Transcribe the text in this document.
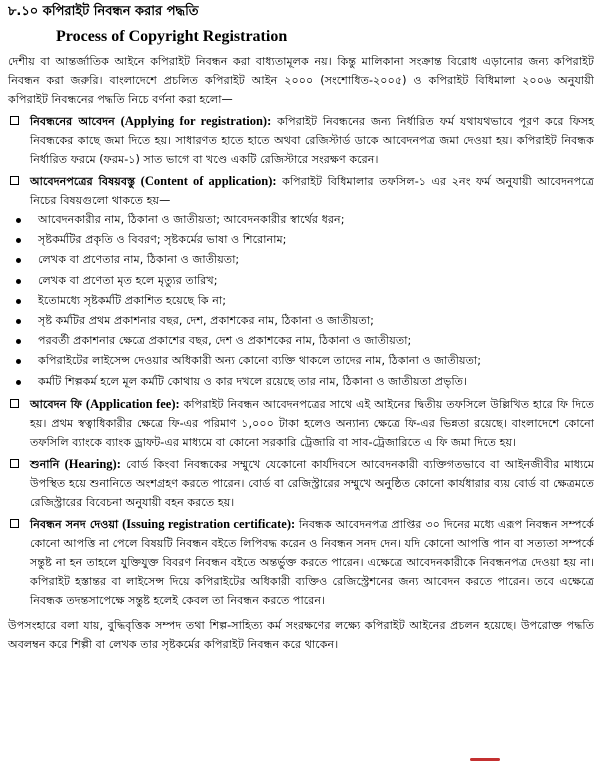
৮.১০ কপিরাইট নিবন্ধন করার পদ্ধতি
Process of Copyright Registration

দেশীয় বা আন্তর্জাতিক আইনে কপিরাইট নিবন্ধন করা বাধ্যতামূলক নয়। কিন্তু মালিকানা সংক্রান্ত বিরোধ এড়ানোর জন্য কপিরাইট নিবন্ধন করা জরুরি। বাংলাদেশে প্রচলিত কপিরাইট আইন ২০০০ (সংশোধিত-২০০৫) ও কপিরাইট বিধিমালা ২০০৬ অনুযায়ী কপিরাইট নিবন্ধনের পদ্ধতি নিচে বর্ণনা করা হলো—

নিবন্ধনের আবেদন (Applying for registration): কপিরাইট নিবন্ধনের জন্য নির্ধারিত ফর্ম যথাযথভাবে পূরণ করে ফিসহ নিবন্ধকের কাছে জমা দিতে হয়। সাধারণত হাতে হাতে অথবা রেজিস্টার্ড ডাকে আবেদনপত্র জমা দেওয়া হয়। কপিরাইট নিবন্ধক নির্ধারিত ফরমে (ফরম-১) সাত ভাগে বা খণ্ডে একটি রেজিস্টারে সংরক্ষণ করেন।
আবেদনপত্রের বিষয়বস্তু (Content of application): কপিরাইট বিধিমালার তফসিল-১ এর ২নং ফর্ম অনুযায়ী আবেদনপত্রে নিচের বিষয়গুলো থাকতে হয়—
আবেদনকারীর নাম, ঠিকানা ও জাতীয়তা; আবেদনকারীর স্বার্থের ধরন;
সৃষ্টকর্মটির প্রকৃতি ও বিবরণ; সৃষ্টকর্মের ভাষা ও শিরোনাম;
লেখক বা প্রণেতার নাম, ঠিকানা ও জাতীয়তা;
লেখক বা প্রণেতা মৃত হলে মৃত্যুর তারিখ;
ইতোমধ্যে সৃষ্টকর্মটি প্রকাশিত হয়েছে কি না;
সৃষ্ট কর্মটির প্রথম প্রকাশনার বছর, দেশ, প্রকাশকের নাম, ঠিকানা ও জাতীয়তা;
পরবর্তী প্রকাশনার ক্ষেত্রে প্রকাশের বছর, দেশ ও প্রকাশকের নাম, ঠিকানা ও জাতীয়তা;
কপিরাইটের লাইসেন্স দেওয়ার অধিকারী অন্য কোনো ব্যক্তি থাকলে তাদের নাম, ঠিকানা ও জাতীয়তা;
কর্মটি শিল্পকর্ম হলে মূল কর্মটি কোথায় ও কার দখলে রয়েছে তার নাম, ঠিকানা ও জাতীয়তা প্রভৃতি।
আবেদন ফি (Application fee): কপিরাইট নিবন্ধন আবেদনপত্রের সাথে এই আইনের দ্বিতীয় তফসিলে উল্লিখিত হারে ফি দিতে হয়। প্রথম স্বত্বাধিকারীর ক্ষেত্রে ফি-এর পরিমাণ ১,০০০ টাকা হলেও অন্যান্য ক্ষেত্রে ফি-এর ভিন্নতা রয়েছে। বাংলাদেশে কোনো তফসিলি ব্যাংকে ব্যাংক ড্রাফট-এর মাধ্যমে বা কোনো সরকারি ট্রেজারি বা সাব-ট্রেজারিতে এ ফি জমা দিতে হয়।
শুনানি (Hearing): বোর্ড কিংবা নিবন্ধকের সম্মুখে যেকোনো কার্যদিবসে আবেদনকারী ব্যক্তিগতভাবে বা আইনজীবীর মাধ্যমে উপস্থিত হয়ে শুনানিতে অংশগ্রহণ করতে পারেন। বোর্ড বা রেজিস্ট্রারের সম্মুখে অনুষ্ঠিত কোনো কার্যধারার ব্যয় বোর্ড বা ক্ষেত্রমতে রেজিস্ট্রারের বিবেচনা অনুযায়ী বহন করতে হয়।
নিবন্ধন সনদ দেওয়া (Issuing registration certificate): নিবন্ধক আবেদনপত্র প্রাপ্তির ৩০ দিনের মধ্যে এরূপ নিবন্ধন সম্পর্কে কোনো আপত্তি না পেলে বিষয়টি নিবন্ধন বইতে লিপিবদ্ধ করেন ও নিবন্ধন সনদ দেন। যদি কোনো আপত্তি পান বা সত্যতা সম্পর্কে সন্তুষ্ট না হন তাহলে যুক্তিযুক্ত বিবরণ নিবন্ধন বইতে অন্তর্ভুক্ত করতে পারেন। এক্ষেত্রে আবেদনকারীকে নিবন্ধনপত্র দেওয়া হয় না। কপিরাইট হস্তান্তর বা লাইসেন্স দিয়ে কপিরাইটের অধিকারী ব্যক্তিও রেজিস্ট্রেশনের জন্য আবেদন করতে পারেন। তবে এক্ষেত্রে নিবন্ধক তদন্তসাপেক্ষে সন্তুষ্ট হলেই কেবল তা নিবন্ধন করতে পারেন।

উপসংহারে বলা যায়, বুদ্ধিবৃত্তিক সম্পদ তথা শিল্প-সাহিত্য কর্ম সংরক্ষণের লক্ষ্যে কপিরাইট আইনের প্রচলন হয়েছে। উপরোক্ত পদ্ধতি অবলম্বন করে শিল্পী বা লেখক তার সৃষ্টকর্মের কপিরাইট নিবন্ধন করে থাকেন।
